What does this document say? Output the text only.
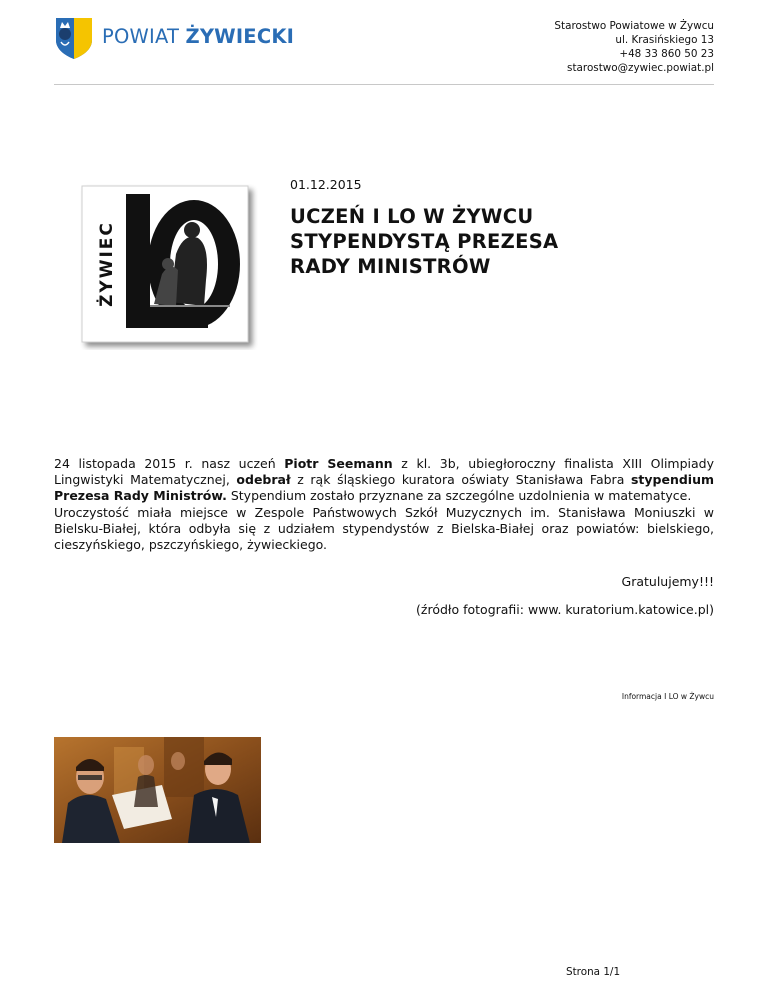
POWIAT ŻYWIECKI	Starostwo Powiatowe w Żywcu
ul. Krasińskiego 13
+48 33 860 50 23
starostwo@zywiec.powiat.pl
ŻYWIEC
01.12.2015
UCZEŃ I LO W ŻYWCU STYPENDYSTĄ PREZESA RADY MINISTRÓW

24 listopada 2015 r. nasz uczeń Piotr Seemann z kl. 3b, ubiegłoroczny finalista XIII Olimpiady Lingwistyki Matematycznej, odebrał z rąk śląskiego kuratora oświaty Stanisława Fabra stypendium Prezesa Rady Ministrów. Stypendium zostało przyznane za szczególne uzdolnienia w matematyce.

Uroczystość miała miejsce w Zespole Państwowych Szkół Muzycznych im. Stanisława Moniuszki w Bielsku-Białej, która odbyła się z udziałem stypendystów z Bielska-Białej oraz powiatów: bielskiego, cieszyńskiego, pszczyńskiego, żywieckiego.

Gratulujemy!!!
(źródło fotografii: www. kuratorium.katowice.pl)
Informacja I LO w Żywcu
Strona 1/1
